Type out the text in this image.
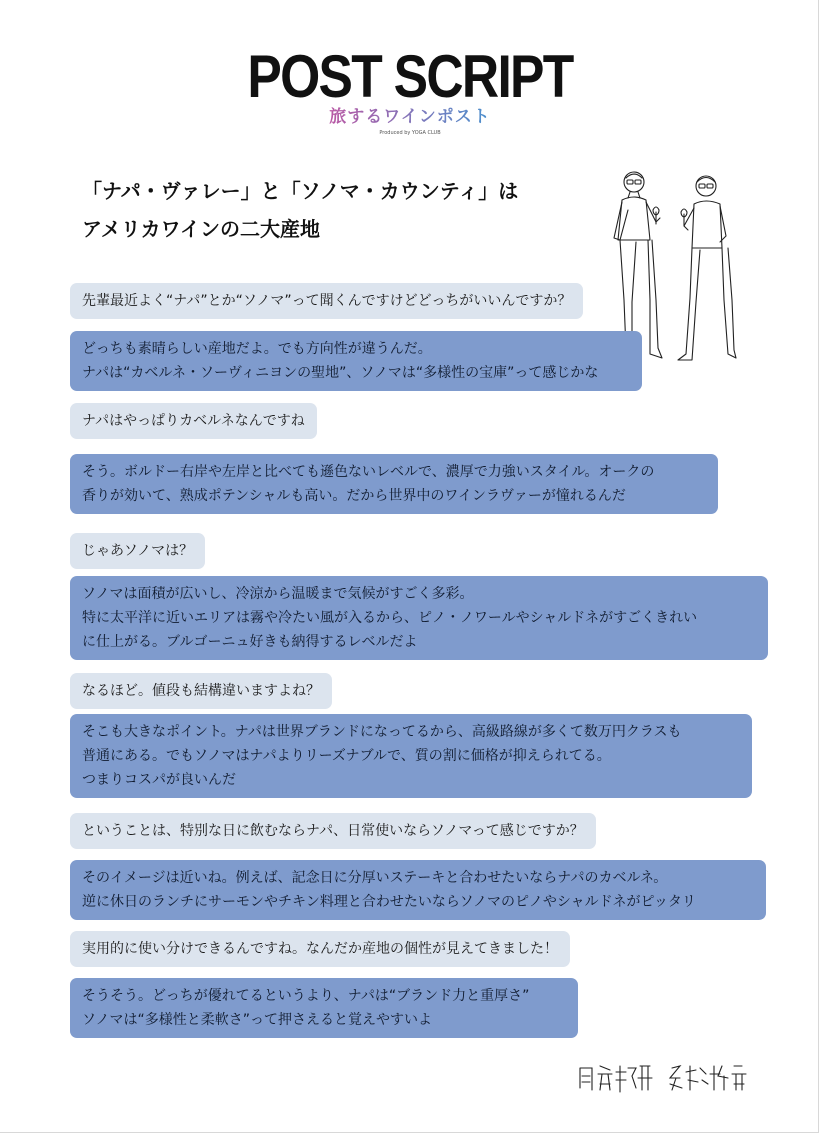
POST SCRIPT
旅するワインポスト
Produced by YOGA CLUB
「ナパ・ヴァレー」と「ソノマ・カウンティ」は
アメリカワインの二大産地
先輩最近よく“ナパ”とか“ソノマ”って聞くんですけどどっちがいいんですか？
どっちも素晴らしい産地だよ。でも方向性が違うんだ。
ナパは“カベルネ・ソーヴィニヨンの聖地”、ソノマは“多様性の宝庫”って感じかな
ナパはやっぱりカベルネなんですね
そう。ボルドー右岸や左岸と比べても遜色ないレベルで、濃厚で力強いスタイル。オークの
香りが効いて、熟成ポテンシャルも高い。だから世界中のワインラヴァーが憧れるんだ
じゃあソノマは？
ソノマは面積が広いし、冷涼から温暖まで気候がすごく多彩。
特に太平洋に近いエリアは霧や冷たい風が入るから、ピノ・ノワールやシャルドネがすごくきれい
に仕上がる。ブルゴーニュ好きも納得するレベルだよ
なるほど。値段も結構違いますよね？
そこも大きなポイント。ナパは世界ブランドになってるから、高級路線が多くて数万円クラスも
普通にある。でもソノマはナパよりリーズナブルで、質の割に価格が抑えられてる。
つまりコスパが良いんだ
ということは、特別な日に飲むならナパ、日常使いならソノマって感じですか？
そのイメージは近いね。例えば、記念日に分厚いステーキと合わせたいならナパのカベルネ。
逆に休日のランチにサーモンやチキン料理と合わせたいならソノマのピノやシャルドネがピッタリ
実用的に使い分けできるんですね。なんだか産地の個性が見えてきました！
そうそう。どっちが優れてるというより、ナパは“ブランド力と重厚さ”
ソノマは“多様性と柔軟さ”って押さえると覚えやすいよ
